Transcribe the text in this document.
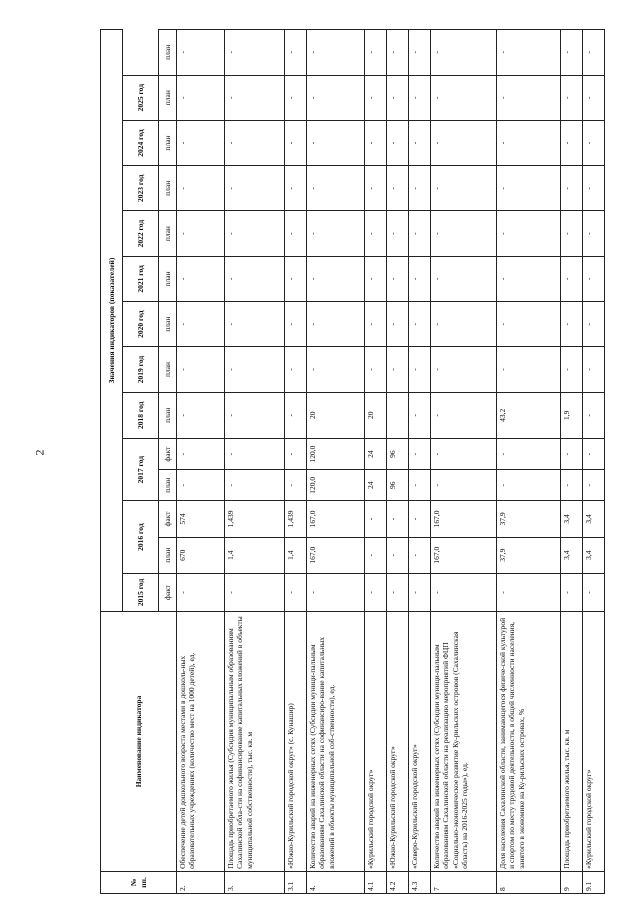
2
№ пп.	Наименование индикатора	Значения индикаторов (показателей)													
		2015 год	2016 год		2017 год		2018 год	2019 год	2020 год	2021 год	2022 год	2023 год	2024 год	2025 год	
		факт	план	факт	план	факт	план	план	план	план	план	план	план	план	план
2.	Обеспечение детей дошкольного возраста местами в дошколь-ных образовательных учреждениях (количество мест на 1000 детей), ед.	-	670	574	-	-	-	-	-	-	-	-	-	-	-
3.	Площадь приобретаемого жилья (Субсидия муниципальным образованиям Сахалинской обла-сти на софинансирование капитальных вложений в объекты муниципальной собственности), тыс. кв. м	-	1,4	1,439	-	-	-	-	-	-	-	-	-	-	-
3.1	«Южно-Курильский городской округ» (с. Кунашир)	-	1,4	1,439	-	-	-	-	-	-	-	-	-	-	-
4.	Количество аварий на инженерных сетях (Субсидии муници-пальным образованиям Сахалинской области на софинансиро-вание капитальных вложений в объекты муниципальной соб-ственности), ед.	-	167,0	167,0	120,0	120,0	20	-	-	-	-	-	-	-	-
4.1	«Курильский городской округ»	-	-	-	24	24	20	-	-	-	-	-	-	-	-
4.2	«Южно-Курильский городской округ»	-	-	-	96	96		-	-	-	-	-	-	-	-
4.3	«Северо-Курильский городской округ»	-	-	-	-	-	-	-	-	-	-	-	-	-	-
7	Количество аварий на инженерных сетях (Субсидии муници-пальным образованиям Сахалинской области на реализацию мероприятий ФЦП «Социально-экономическое развитие Ку-рильских островов (Сахалинская область) на 2016-2025 годы»), ед.	-	167,0	167,0	-	-	-	-	-	-	-	-	-	-	-
8	Доля населения Сахалинской области, занимающегося физиче-ской культурой и спортом по месту трудовой деятельности, в общей численности населения, занятого в экономике на Ку-рильских островах, %	-	37,9	37,9	-	-	43,2	-	-	-	-	-	-	-	-
9	Площадь приобретаемого жилья, тыс. кв. м	-	3,4	3,4	-	-	1,9	-	-	-	-	-	-	-	-
9.1	«Курильский городской округ»	-	3,4	3,4	-	-	-	-	-	-	-	-	-	-	-
